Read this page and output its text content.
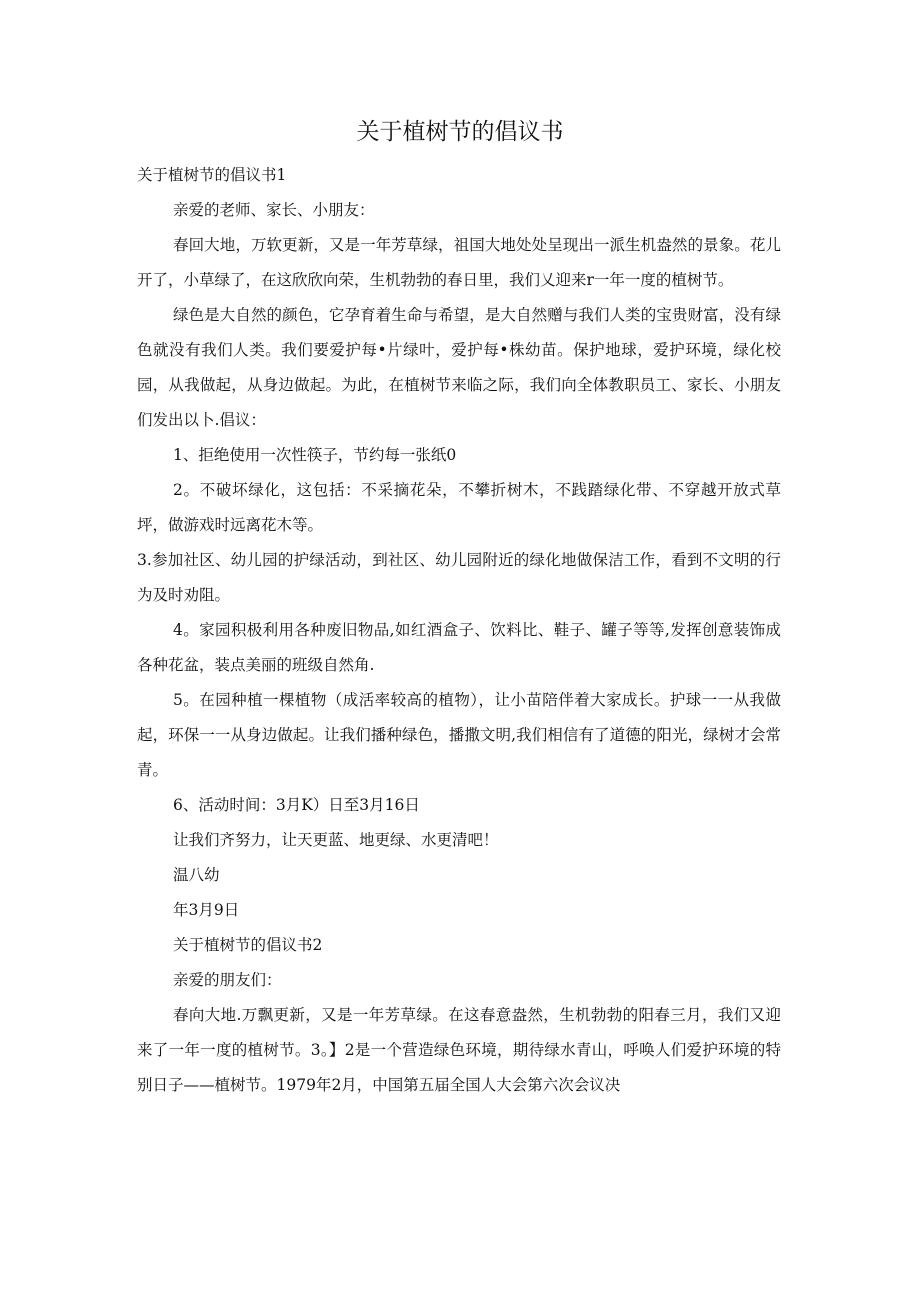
关于植树节的倡议书

关于植树节的倡议书1

亲爱的老师、家长、小朋友：

春回大地，万软更新，又是一年芳草绿，祖国大地处处呈现出一派生机盎然的景象。花儿开了，小草绿了，在这欣欣向荣，生机勃勃的春日里，我们乂迎来r一年一度的植树节。

绿色是大自然的颜色，它孕育着生命与希望，是大自然赠与我们人类的宝贵财富，没有绿色就没有我们人类。我们要爱护每•片绿叶，爱护每•株幼苗。保护地球，爱护环境，绿化校园，从我做起，从身边做起。为此，在植树节来临之际，我们向全体教职员工、家长、小朋友们发出以卜.倡议：

1、拒绝使用一次性筷子，节约每一张纸0

2。不破坏绿化，这包括：不采摘花朵，不攀折树木，不践踏绿化带、不穿越开放式草坪，做游戏时远离花木等。

3.参加社区、幼儿园的护绿活动，到社区、幼儿园附近的绿化地做保洁工作，看到不文明的行为及时劝阻。

4。家园积极利用各种废旧物品,如红酒盒子、饮料比、鞋子、罐子等等,发挥创意装饰成各种花盆，装点美丽的班级自然角.

5。在园种植一棵植物（成活率较高的植物），让小苗陪伴着大家成长。护球一一从我做起，环保一一从身边做起。让我们播种绿色，播撒文明,我们相信有了道德的阳光，绿树才会常青。

6、活动时间：3月K）日至3月16日

让我们齐努力，让天更蓝、地更绿、水更清吧！

温八幼

年3月9日

关于植树节的倡议书2

亲爱的朋友们：

春向大地.万飘更新，又是一年芳草绿。在这春意盎然，生机勃勃的阳春三月，我们又迎来了一年一度的植树节。3。】2是一个营造绿色环境，期待绿水青山，呼唤人们爱护环境的特别日子——植树节。1979年2月，中国第五届全国人大会第六次会议决
